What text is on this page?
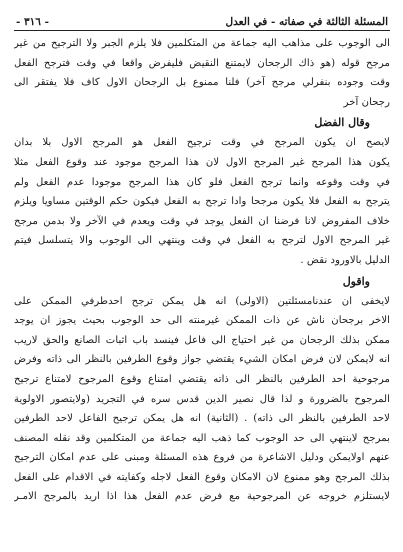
المسئلة الثالثة في صفاته - في العدل
- ٣١٦ -
الى الوجوب على مذاهب اليه جماعة من المتكلمين فلا يلزم الجبر ولا الترجيح من غير
مرجح قوله (هو ذاك الرجحان لايمتنع النقيض فليفرض واقعا في وقت فترجح الفعل
وقت وجوده بنفرلي مرجح آخر) فلنا ممنوع بل الرجحان الاول كاف فلا يفتقر الى
رجحان آخر
وقال الفضل
لايصح ان يكون المرجح في وقت ترجيح الفعل هو المرجح الاول بلا بدان
يكون هذا المرجح غير المرجح الاول لان هذا المرجح موجود عند وقوع الفعل مثلا
في وقت وقوعه وانما ترجح الفعل فلو كان هذا المرجح موجودا عدم الفعل ولم
يترجح به الفعل فلا يكون مرجحا وادا ترجح به الفعل فيكون حكم الوقتين مساويا ويلزم
خلاف المفروض لانا فرضنا ان الفعل يوجد في وقت ويعدم في الآخر ولا بدمن مرجح
غير المرجح الاول لترجح به الفعل في وقت وينتهي الى الوجوب والا يتسلسل فيتم
الدليل بالاورود نقض .
واقول
لايخفى ان عندنامسئلتين (الاولى) انه هل يمكن ترجح احدطرفي الممكن على
الاخر برجحان ناش عن ذات الممكن غيرمنته الى حد الوجوب بحيث يجوز ان يوجد
ممكن بذلك الرجحان من غير احتياج الى فاعل فينسد باب اثبات الصانع والحق لاريب
انه لايمكن لان فرض امكان الشيء يقتضي جواز وقوع الطرفين بالنظر الى ذاته وفرض
مرجوحية احد الطرفين بالنظر الى ذاته يقتضي امتناع وقوع المرجوح لامتناع ترجيح
المرجوح بالضرورة و لذا قال نصير الدين قدس سره في التجريد (ولايتصور الاولوية
لاحد الطرفين بالنظر الى ذاته) . (الثانية) انه هل يمكن ترجيح الفاعل لاحد الطرفين
بمرجح لاينتهي الى حد الوجوب كما ذهب اليه جماعة من المتكلمين وقد نقله المصنف
عنهم اولايمكن ودليل الاشاعرة من فروع هذه المسئلة ومبنى على عدم امكان الترجيح
بذلك المرجح وهو ممنوع لان الامكان وقوع الفعل لاجله وكفايته في الاقدام على الفعل
لايستلزم خروجه عن المرجوحية مع فرض عدم الفعل هذا اذا اريد بالمرجح الامـر
